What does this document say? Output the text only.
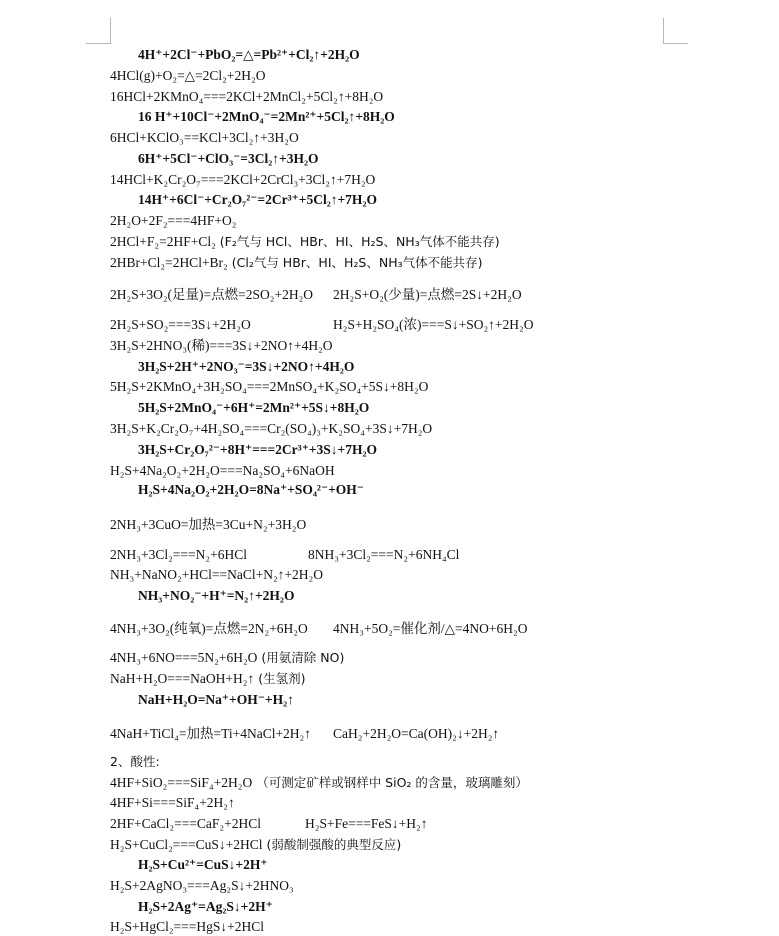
4H⁺+2Cl⁻+PbO₂=△=Pb²⁺+Cl₂↑+2H₂O
4HCl(g)+O₂=△=2Cl₂+2H₂O
16HCl+2KMnO₄===2KCl+2MnCl₂+5Cl₂↑+8H₂O
16 H⁺+10Cl⁻+2MnO₄⁻=2Mn²⁺+5Cl₂↑+8H₂O
6HCl+KClO₃==KCl+3Cl₂↑+3H₂O
6H⁺+5Cl⁻+ClO₃⁻=3Cl₂↑+3H₂O
14HCl+K₂Cr₂O₇===2KCl+2CrCl₃+3Cl₂↑+7H₂O
14H⁺+6Cl⁻+Cr₂O₇²⁻=2Cr³⁺+5Cl₂↑+7H₂O
2H₂O+2F₂===4HF+O₂
2HCl+F₂=2HF+Cl₂ (F₂气与 HCl、HBr、HI、H₂S、NH₃气体不能共存)
2HBr+Cl₂=2HCl+Br₂ (Cl₂气与 HBr、HI、H₂S、NH₃气体不能共存)
2H₂S+3O₂(足量)=点燃=2SO₂+2H₂O 2H₂S+O₂(少量)=点燃=2S↓+2H₂O
2H₂S+SO₂===3S↓+2H₂O	H₂S+H₂SO₄(浓)===S↓+SO₂↑+2H₂O
3H₂S+2HNO₃(稀)===3S↓+2NO↑+4H₂O
3H₂S+2H⁺+2NO₃⁻=3S↓+2NO↑+4H₂O
5H₂S+2KMnO₄+3H₂SO₄===2MnSO₄+K₂SO₄+5S↓+8H₂O
5H₂S+2MnO₄⁻+6H⁺=2Mn²⁺+5S↓+8H₂O
3H₂S+K₂Cr₂O₇+4H₂SO₄===Cr₂(SO₄)₃+K₂SO₄+3S↓+7H₂O
3H₂S+Cr₂O₇²⁻+8H⁺===2Cr³⁺+3S↓+7H₂O
H₂S+4Na₂O₂+2H₂O===Na₂SO₄+6NaOH
H₂S+4Na₂O₂+2H₂O=8Na⁺+SO₄²⁻+OH⁻
2NH₃+3CuO=加热=3Cu+N₂+3H₂O
2NH₃+3Cl₂===N₂+6HCl	8NH₃+3Cl₂===N₂+6NH₄Cl
NH₃+NaNO₂+HCl==NaCl+N₂↑+2H₂O
NH₃+NO₂⁻+H⁺=N₂↑+2H₂O
4NH₃+3O₂(纯氧)=点燃=2N₂+6H₂O 4NH₃+5O₂=催化剂/△=4NO+6H₂O
4NH₃+6NO===5N₂+6H₂O (用氨清除 NO)
NaH+H₂O===NaOH+H₂↑ (生氢剂)
NaH+H₂O=Na⁺+OH⁻+H₂↑
4NaH+TiCl₄=加热=Ti+4NaCl+2H₂↑ CaH₂+2H₂O=Ca(OH)₂↓+2H₂↑
2、酸性:
4HF+SiO₂===SiF₄+2H₂O （可测定矿样或钢样中 SiO₂ 的含量，玻璃雕刻）
4HF+Si===SiF₄+2H₂↑
2HF+CaCl₂===CaF₂+2HCl	H₂S+Fe===FeS↓+H₂↑
H₂S+CuCl₂===CuS↓+2HCl (弱酸制强酸的典型反应)
H₂S+Cu²⁺=CuS↓+2H⁺
H₂S+2AgNO₃===Ag₂S↓+2HNO₃
H₂S+2Ag⁺=Ag₂S↓+2H⁺
H₂S+HgCl₂===HgS↓+2HCl
